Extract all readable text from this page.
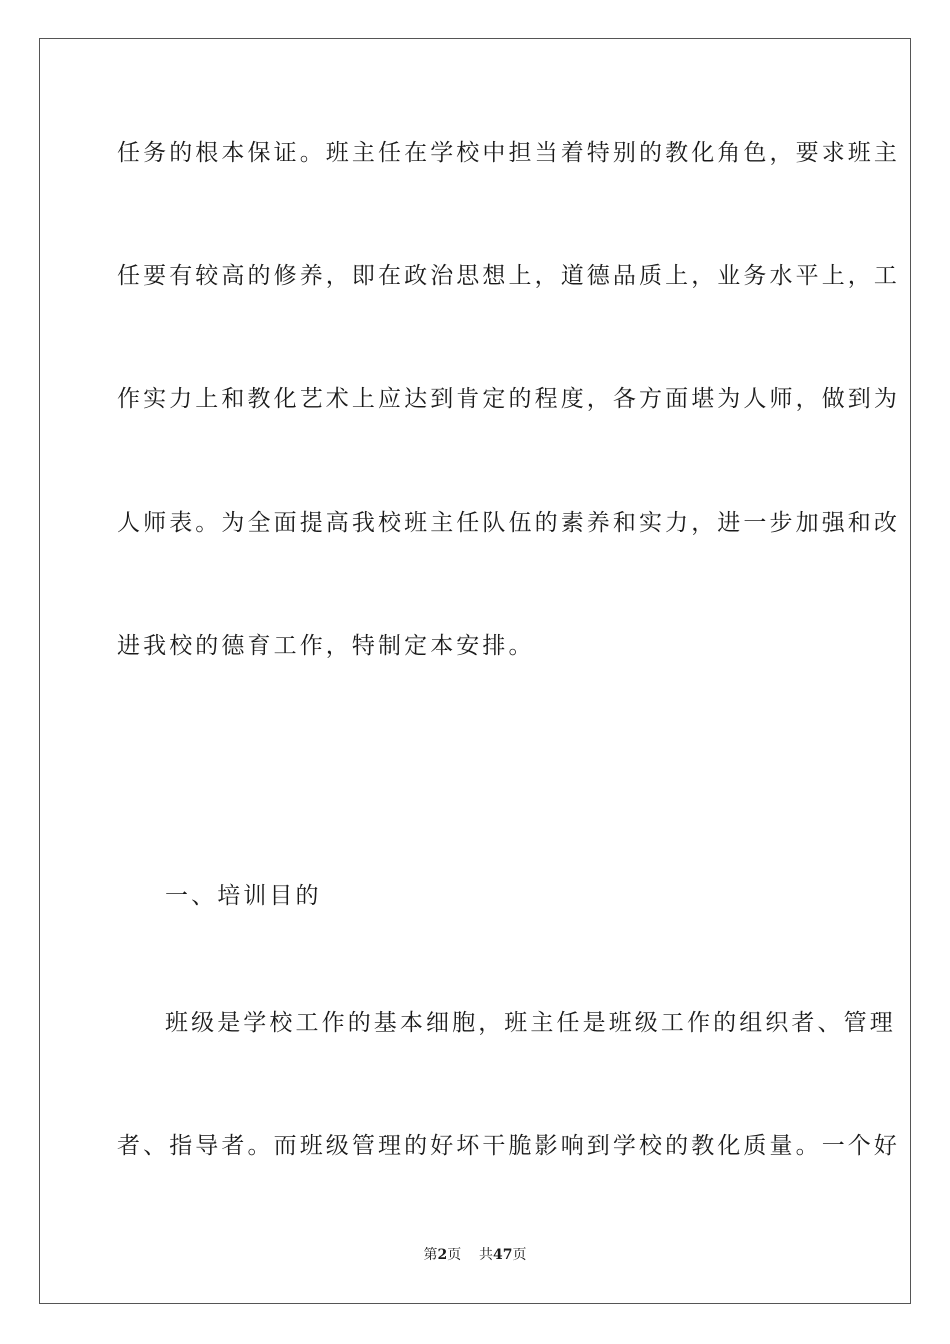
任务的根本保证。班主任在学校中担当着特别的教化角色，要求班主
任要有较高的修养，即在政治思想上，道德品质上，业务水平上，工
作实力上和教化艺术上应达到肯定的程度，各方面堪为人师，做到为
人师表。为全面提高我校班主任队伍的素养和实力，进一步加强和改
进我校的德育工作，特制定本安排。
一、培训目的
班级是学校工作的基本细胞，班主任是班级工作的组织者、管理
者、指导者。而班级管理的好坏干脆影响到学校的教化质量。一个好
第2页 共47页
